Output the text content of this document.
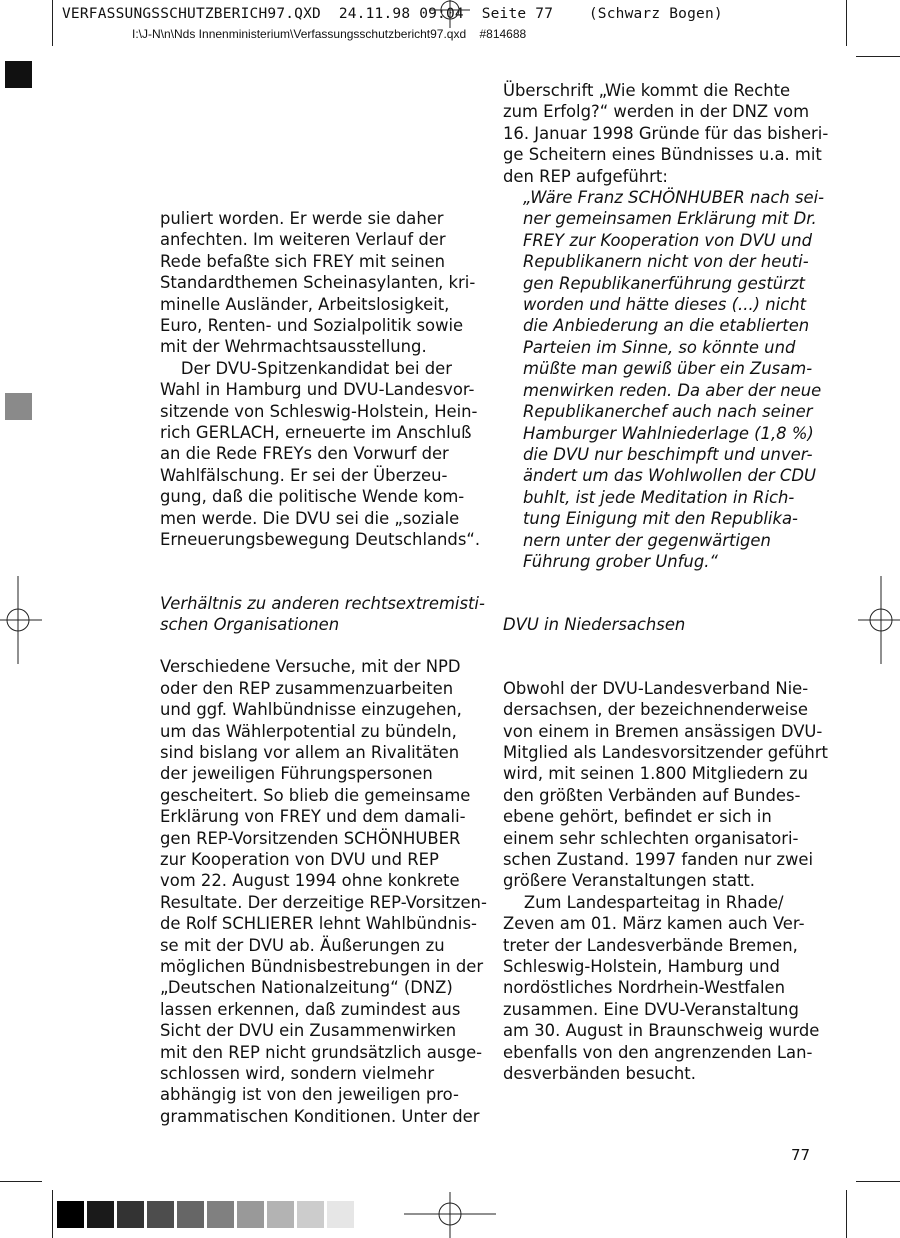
VERFASSUNGSSCHUTZBERICH97.QXD  24.11.98 09:04  Seite 77    (Schwarz Bogen)
I:\J-N\n\Nds Innenministerium\Verfassungsschutzbericht97.qxd    #814688

puliert worden. Er werde sie daher

anfechten. Im weiteren Verlauf der

Rede befaßte sich FREY mit seinen

Standardthemen Scheinasylanten, kri-

minelle Ausländer, Arbeitslosigkeit,

Euro, Renten- und Sozialpolitik sowie

mit der Wehrmachtsausstellung.

Der DVU-Spitzenkandidat bei der

Wahl in Hamburg und DVU-Landesvor-

sitzende von Schleswig-Holstein, Hein-

rich GERLACH, erneuerte im Anschluß

an die Rede FREYs den Vorwurf der

Wahlfälschung. Er sei der Überzeu-

gung, daß die politische Wende kom-

men werde. Die DVU sei die „soziale

Erneuerungsbewegung Deutschlands“.

Verhältnis zu anderen rechtsextremisti-

schen Organisationen

Verschiedene Versuche, mit der NPD

oder den REP zusammenzuarbeiten

und ggf. Wahlbündnisse einzugehen,

um das Wählerpotential zu bündeln,

sind bislang vor allem an Rivalitäten

der jeweiligen Führungspersonen

gescheitert. So blieb die gemeinsame

Erklärung von FREY und dem damali-

gen REP-Vorsitzenden SCHÖNHUBER

zur Kooperation von DVU und REP

vom 22. August 1994 ohne konkrete

Resultate. Der derzeitige REP-Vorsitzen-

de Rolf SCHLIERER lehnt Wahlbündnis-

se mit der DVU ab. Äußerungen zu

möglichen Bündnisbestrebungen in der

„Deutschen Nationalzeitung“ (DNZ)

lassen erkennen, daß zumindest aus

Sicht der DVU ein Zusammenwirken

mit den REP nicht grundsätzlich ausge-

schlossen wird, sondern vielmehr

abhängig ist von den jeweiligen pro-

grammatischen Konditionen. Unter der

Überschrift „Wie kommt die Rechte

zum Erfolg?“ werden in der DNZ vom

16. Januar 1998 Gründe für das bisheri-

ge Scheitern eines Bündnisses u.a. mit

den REP aufgeführt:

„Wäre Franz SCHÖNHUBER nach sei-

ner gemeinsamen Erklärung mit Dr.

FREY zur Kooperation von DVU und

Republikanern nicht von der heuti-

gen Republikanerführung gestürzt

worden und hätte dieses (...) nicht

die Anbiederung an die etablierten

Parteien im Sinne, so könnte und

müßte man gewiß über ein Zusam-

menwirken reden. Da aber der neue

Republikanerchef auch nach seiner

Hamburger Wahlniederlage (1,8 %)

die DVU nur beschimpft und unver-

ändert um das Wohlwollen der CDU

buhlt, ist jede Meditation in Rich-

tung Einigung mit den Republika-

nern unter der gegenwärtigen

Führung grober Unfug.“

DVU in Niedersachsen

Obwohl der DVU-Landesverband Nie-

dersachsen, der bezeichnenderweise

von einem in Bremen ansässigen DVU-

Mitglied als Landesvorsitzender geführt

wird, mit seinen 1.800 Mitgliedern zu

den größten Verbänden auf Bundes-

ebene gehört, befindet er sich in

einem sehr schlechten organisatori-

schen Zustand. 1997 fanden nur zwei

größere Veranstaltungen statt.

Zum Landesparteitag in Rhade/

Zeven am 01. März kamen auch Ver-

treter der Landesverbände Bremen,

Schleswig-Holstein, Hamburg und

nordöstliches Nordrhein-Westfalen

zusammen. Eine DVU-Veranstaltung

am 30. August in Braunschweig wurde

ebenfalls von den angrenzenden Lan-

desverbänden besucht.

77
